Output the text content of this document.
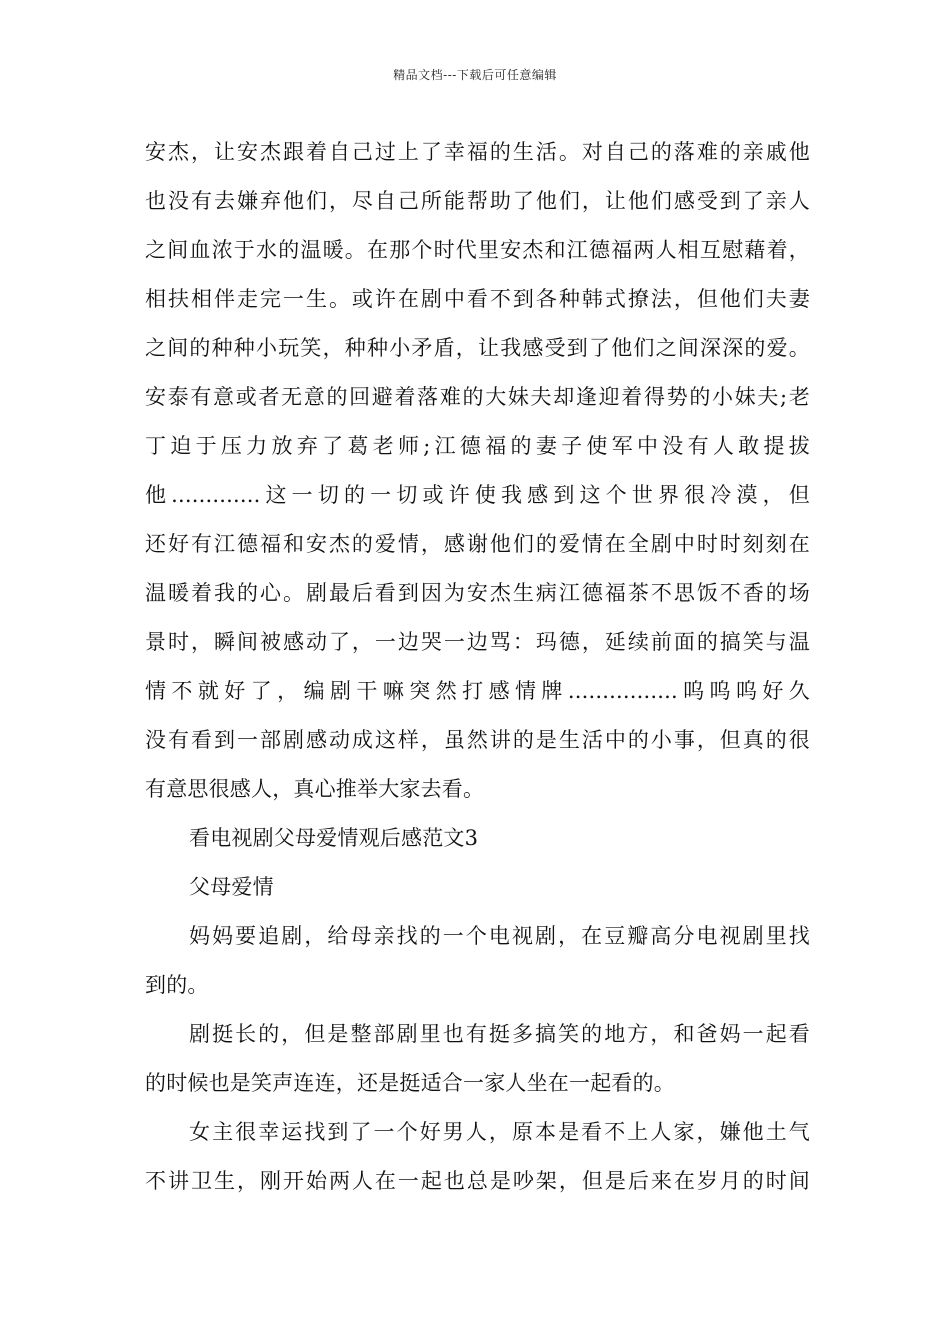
精品文档---下载后可任意编辑
安杰，让安杰跟着自己过上了幸福的生活。对自己的落难的亲戚他
也没有去嫌弃他们，尽自己所能帮助了他们，让他们感受到了亲人
之间血浓于水的温暖。在那个时代里安杰和江德福两人相互慰藉着，
相扶相伴走完一生。或许在剧中看不到各种韩式撩法，但他们夫妻
之间的种种小玩笑，种种小矛盾，让我感受到了他们之间深深的爱。
安泰有意或者无意的回避着落难的大妹夫却逢迎着得势的小妹夫;老
丁迫于压力放弃了葛老师;江德福的妻子使军中没有人敢提拔
他.............这一切的一切或许使我感到这个世界很冷漠，但
还好有江德福和安杰的爱情，感谢他们的爱情在全剧中时时刻刻在
温暖着我的心。剧最后看到因为安杰生病江德福茶不思饭不香的场
景时，瞬间被感动了，一边哭一边骂：玛德，延续前面的搞笑与温
情不就好了，编剧干嘛突然打感情牌................呜呜呜好久
没有看到一部剧感动成这样，虽然讲的是生活中的小事，但真的很
有意思很感人，真心推举大家去看。
看电视剧父母爱情观后感范文3
父母爱情
妈妈要追剧，给母亲找的一个电视剧，在豆瓣高分电视剧里找
到的。
剧挺长的，但是整部剧里也有挺多搞笑的地方，和爸妈一起看
的时候也是笑声连连，还是挺适合一家人坐在一起看的。
女主很幸运找到了一个好男人，原本是看不上人家，嫌他土气
不讲卫生，刚开始两人在一起也总是吵架，但是后来在岁月的时间
